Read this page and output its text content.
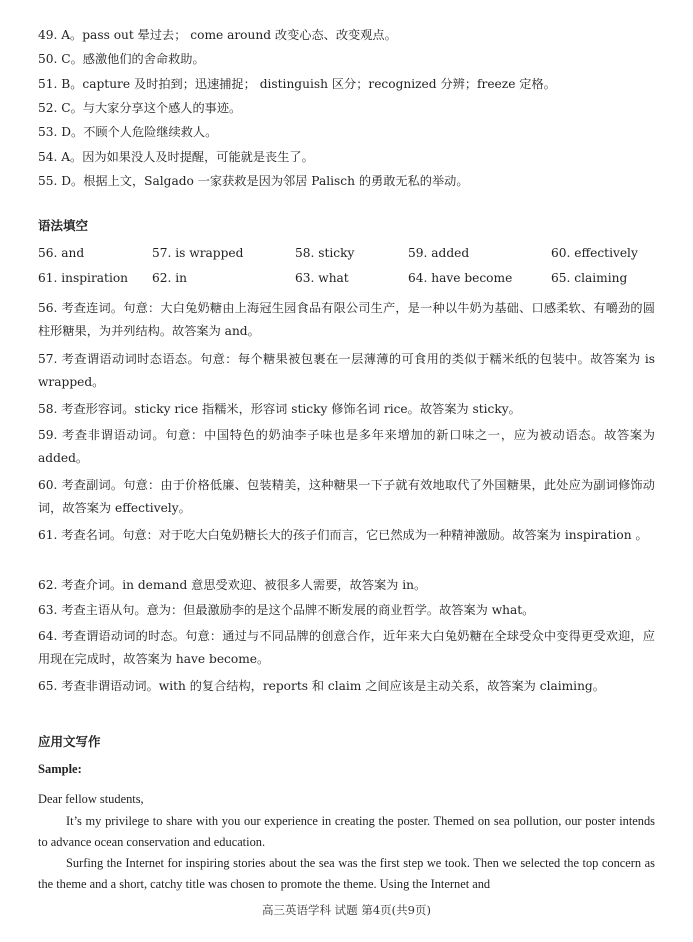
49. A。pass out 晕过去； come around 改变心态、改变观点。
50. C。感激他们的舍命救助。
51. B。capture 及时拍到；迅速捕捉； distinguish 区分；recognized 分辨；freeze 定格。
52. C。与大家分享这个感人的事迹。
53. D。不顾个人危险继续救人。
54. A。因为如果没人及时提醒，可能就是丧生了。
55. D。根据上文，Salgado 一家获救是因为邻居 Palisch 的勇敢无私的举动。
语法填空
56. and	57. is wrapped	58. sticky	59. added	60. effectively
61. inspiration 62. in	63. what	64. have become	65. claiming
56. 考查连词。句意：大白兔奶糖由上海冠生园食品有限公司生产，是一种以牛奶为基础、口感柔软、有嚼劲的圆柱形糖果，为并列结构。故答案为 and。
57. 考查谓语动词时态语态。句意：每个糖果被包裹在一层薄薄的可食用的类似于糯米纸的包装中。故答案为 is wrapped。
58. 考查形容词。sticky rice 指糯米，形容词 sticky 修饰名词 rice。故答案为 sticky。
59. 考查非谓语动词。句意：中国特色的奶油李子味也是多年来增加的新口味之一，应为被动语态。故答案为 added。
60. 考查副词。句意：由于价格低廉、包装精美，这种糖果一下子就有效地取代了外国糖果，此处应为副词修饰动词，故答案为 effectively。
61. 考查名词。句意：对于吃大白兔奶糖长大的孩子们而言，它已然成为一种精神激励。故答案为 inspiration 。
62. 考查介词。in demand 意思受欢迎、被很多人需要，故答案为 in。
63. 考查主语从句。意为：但最激励李的是这个品牌不断发展的商业哲学。故答案为 what。
64. 考查谓语动词的时态。句意：通过与不同品牌的创意合作，近年来大白兔奶糖在全球受众中变得更受欢迎，应用现在完成时，故答案为 have become。
65. 考查非谓语动词。with 的复合结构，reports 和 claim 之间应该是主动关系，故答案为 claiming。
应用文写作
Sample:
Dear fellow students,
It’s my privilege to share with you our experience in creating the poster. Themed on sea pollution, our poster intends to advance ocean conservation and education.
Surfing the Internet for inspiring stories about the sea was the first step we took. Then we selected the top concern as the theme and a short, catchy title was chosen to promote the theme. Using the Internet and
高三英语学科 试题 第4页(共9页)
